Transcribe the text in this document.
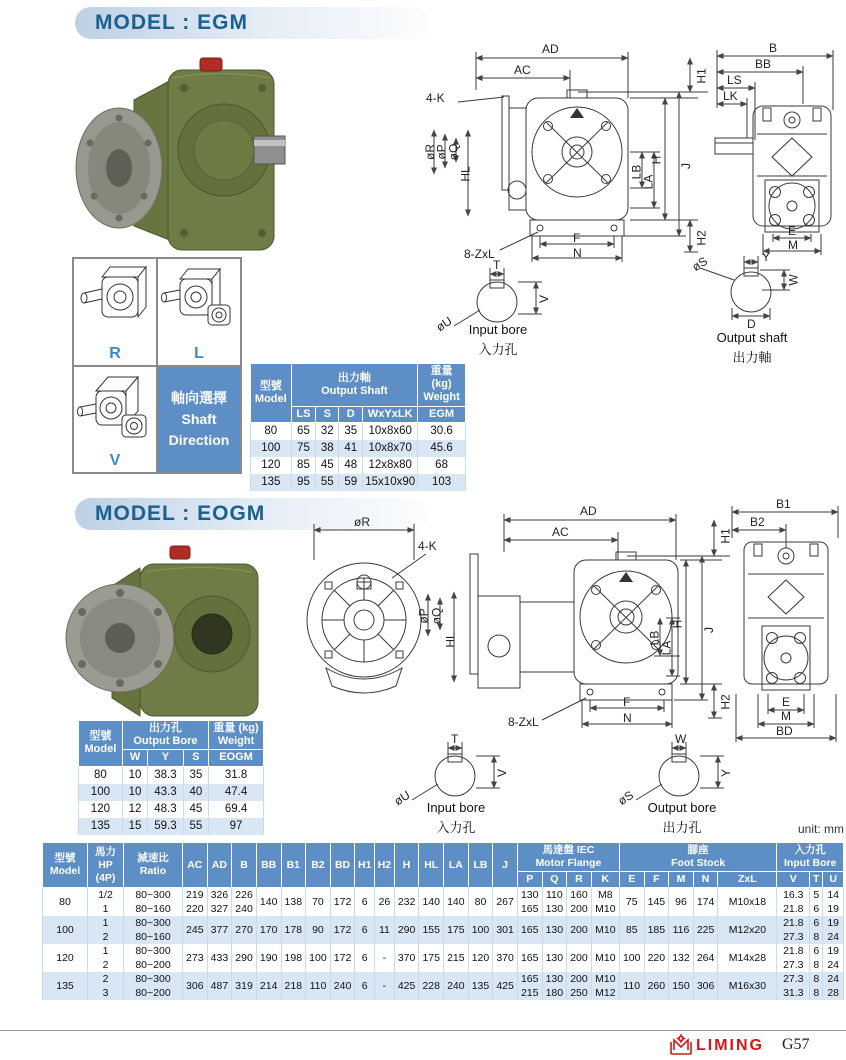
MODEL : EGM
AD
AC
4-K
øR
øP
øQ
HL
H1
H
J
LB
LA
H2
F
N
8-ZxL
B
BB
LS
LK
E
M
T
V
øU	Input bore
入力孔
øS	Y
W
D
Output shaft
出力軸
R	L
V
軸向選擇
Shaft
Direction
型號
Model	出力軸
Output Shaft				重量 (kg)
Weight
	LS	S	D	WxYxLK	EGM
80	65	32	35	10x8x60	30.6
100	75	38	41	10x8x70	45.6
120	85	45	48	12x8x80	68
135	95	55	59	15x10x90	103
MODEL : EOGM	øR
4-K
AD
AC	H1
øP
øQ
HL	LB
LA
H
J
H2
F
N
8-ZxL
B1
B2
E
M
BD
T
V
øU	Input bore
入力孔
W
Y
øS Output bore
出力孔
型號
Model	出力孔
Output Bore			重量 (kg)
Weight
	W	Y	S	EOGM
80	10	38.3	35	31.8
100	10	43.3	40	47.4
120	12	48.3	45	69.4
135	15	59.3	55	97	unit: mm
型號
Model	馬力
HP
(4P)	減速比
Ratio	AC	AD	B	BB	B1	B2	BD	H1	H2	H	HL	LA	LB	J	馬達盤 IEC
Motor Flange				腳座
Foot Stock					入力孔
Input Bore		
																	P	Q	R	K	E	F	M	N	ZxL	V	T	U
80	1/2	80~300	219	326	226	140	138	70	172	6	26	232	140	140	80	267	130	110	160	M8	75	145	96	174	M10x18	16.3	5	14
	1	80~160	220	327	240												165	130	200	M10						21.8	6	19
100	1	80~300	245	377	270	170	178	90	172	6	11	290	155	175	100	301	165	130	200	M10	85	185	116	225	M12x20	21.8	6	19
	2	80~160																								27.3	8	24
120	1	80~300	273	433	290	190	198	100	172	6	-	370	175	215	120	370	165	130	200	M10	100	220	132	264	M14x28	21.8	6	19
	2	80~200																								27.3	8	24
135	2	80~300	306	487	319	214	218	110	240	6	-	425	228	240	135	425	165	130	200	M10	110	260	150	306	M16x30	27.3	8	24
	3	80~200															215	180	250	M12						31.3	8	28
LIMING G57
